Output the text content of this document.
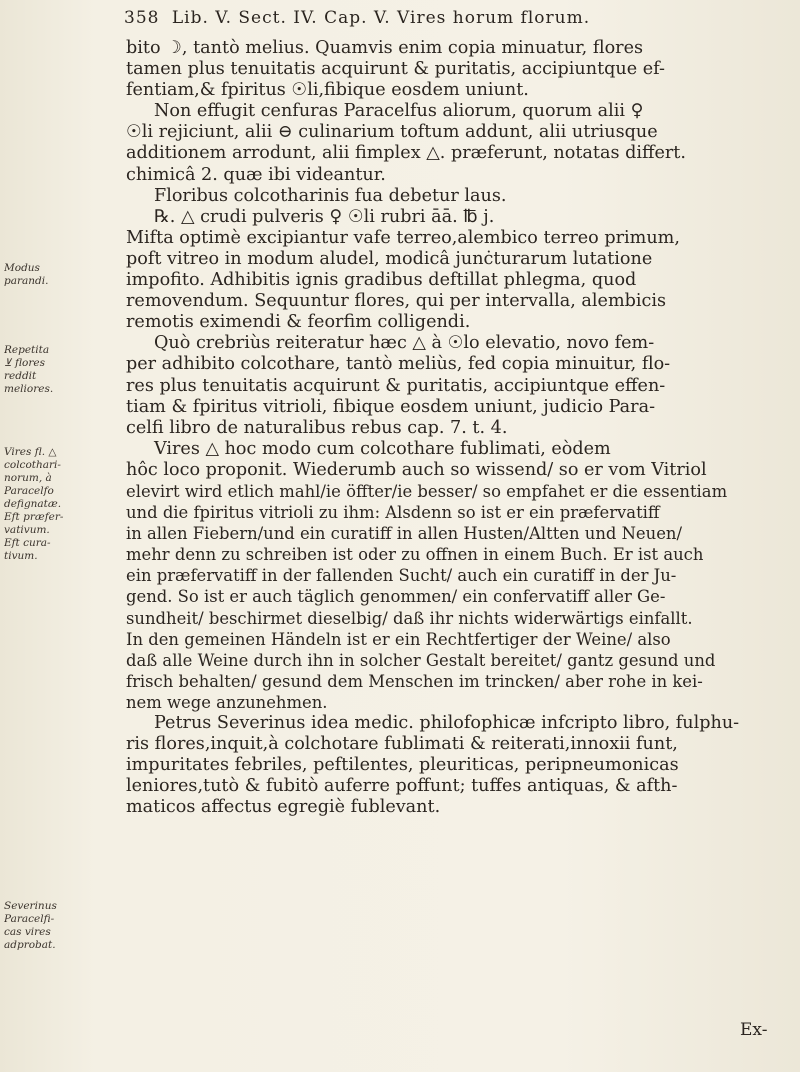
358 Lib. V. Sect. IV. Cap. V. Vires horum florum.
bito ☽, tantò melius. Quamvis enim copia minuatur, flores
tamen plus tenuitatis acquirunt & puritatis, accipiuntque ef-
fentiam,& fpiritus ☉li,fibique eosdem uniunt.
Non effugit cenfuras Paracelfus aliorum, quorum alii ♀
☉li rejiciunt, alii ⊖ culinarium toftum addunt, alii utriusque
additionem arrodunt, alii fimplex △. præferunt, notatas differt.
chimicâ 2. quæ ibi videantur.
Floribus colcotharinis fua debetur laus.
℞. △ crudi pulveris ♀ ☉li rubri āā. ℔ j.
Mifta optimè excipiantur vafe terreo,alembico terreo primum,
poft vitreo in modum aludel, modicâ junċturarum lutatione
impofito. Adhibitis ignis gradibus deftillat phlegma, quod
removendum. Sequuntur flores, qui per intervalla, alembicis
remotis eximendi & feorfim colligendi.
Quò crebriùs reiteratur hæc △ à ☉lo elevatio, novo fem-
per adhibito colcothare, tantò meliùs, fed copia minuitur, flo-
res plus tenuitatis acquirunt & puritatis, accipiuntque effen-
tiam & fpiritus vitrioli, fibique eosdem uniunt, judicio Para-
celfi libro de naturalibus rebus cap. 7. t. 4.
Vires △ hoc modo cum colcothare fublimati, eòdem
hôc loco proponit. Wiederumb auch so wissend/ so er vom Vitriol
elevirt wird etlich mahl/ie öffter/ie besser/ so empfahet er die essentiam
und die fpiritus vitrioli zu ihm: Alsdenn so ist er ein præfervatiff
in allen Fiebern/und ein curatiff in allen Husten/Altten und Neuen/
mehr denn zu schreiben ist oder zu offnen in einem Buch. Er ist auch
ein præfervatiff in der fallenden Sucht/ auch ein curatiff in der Ju-
gend. So ist er auch täglich genommen/ ein confervatiff aller Ge-
sundheit/ beschirmet dieselbig/ daß ihr nichts widerwärtigs einfallt.
In den gemeinen Händeln ist er ein Rechtfertiger der Weine/ also
daß alle Weine durch ihn in solcher Gestalt bereitet/ gantz gesund und
frisch behalten/ gesund dem Menschen im trincken/ aber rohe in kei-
nem wege anzunehmen.
Petrus Severinus idea medic. philofophicæ infcripto libro, fulphu-
ris flores,inquit,à colchotare fublimati & reiterati,innoxii funt,
impuritates febriles, peftilentes, pleuriticas, peripneumonicas
leniores,tutò & fubitò auferre poffunt; tuffes antiquas, & afth-
maticos affectus egregiè fublevant.
Modus
parandi.
Repetita
⊻ flores
reddit
meliores.
Vires fl. △
colcothari-
norum, à
Paracelfo
defignatæ.
Eft præfer-
vativum.
Eft cura-
tivum.
Severinus
Paracelfi-
cas vires
adprobat.
Ex-
